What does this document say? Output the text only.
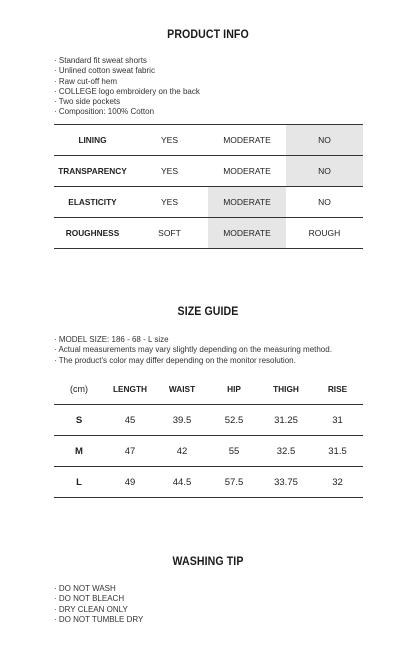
PRODUCT INFO
· Standard fit sweat shorts
· Unlined cotton sweat fabric
· Raw cut-off hem
· COLLEGE logo embroidery on the back
· Two side pockets
· Composition: 100% Cotton
LINING	YES	MODERATE	NO
TRANSPARENCY	YES	MODERATE	NO
ELASTICITY	YES	MODERATE	NO
ROUGHNESS	SOFT	MODERATE	ROUGH
SIZE GUIDE
· MODEL SIZE: 186 - 68 - L size
· Actual measurements may vary slightly depending on the measuring method.
· The product's color may differ depending on the monitor resolution.
(cm)	LENGTH	WAIST	HIP	THIGH	RISE
S	45	39.5	52.5	31.25	31
M	47	42	55	32.5	31.5
L	49	44.5	57.5	33.75	32
WASHING TIP
· DO NOT WASH
· DO NOT BLEACH
· DRY CLEAN ONLY
· DO NOT TUMBLE DRY
